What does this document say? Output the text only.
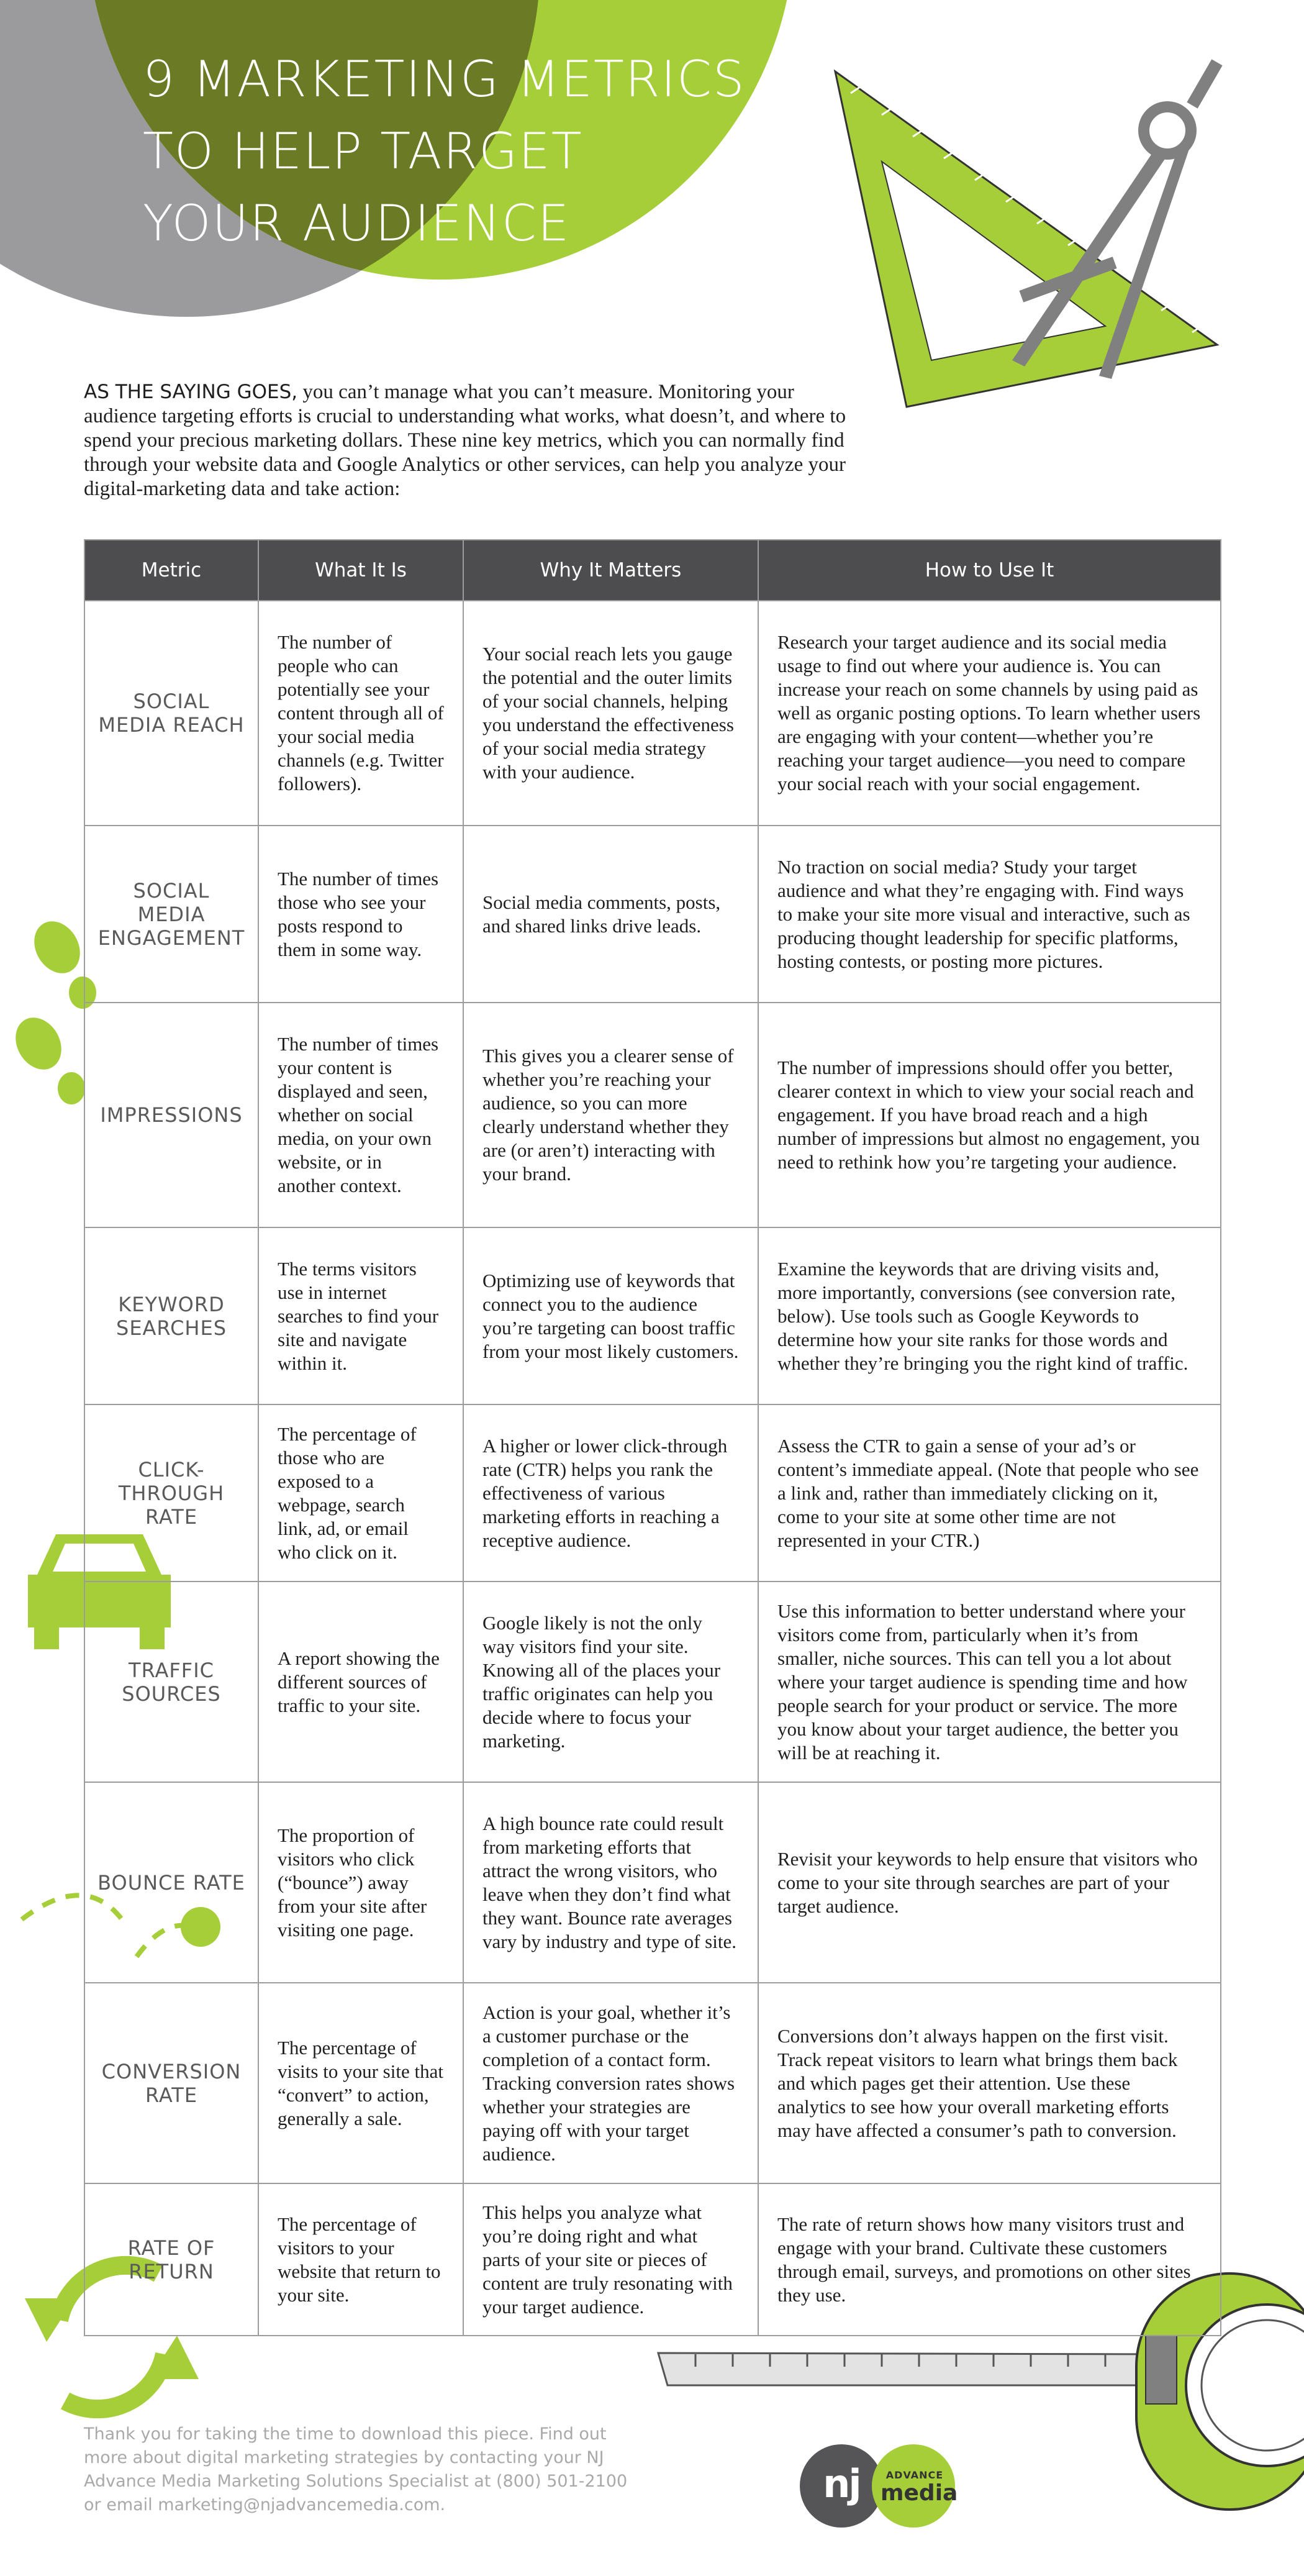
9 MARKETING METRICS
TO HELP TARGET
YOUR AUDIENCE
AS THE SAYING GOES, you can’t manage what you can’t measure. Monitoring your audience targeting efforts is crucial to understanding what works, what doesn’t, and where to spend your precious marketing dollars. These nine key metrics, which you can normally find through your website data and Google Analytics or other services, can help you analyze your digital-marketing data and take action:
Metric	What It Is	Why It Matters	How to Use It
SOCIAL MEDIA REACH	The number of people who can potentially see your content through all of your social media channels (e.g. Twitter followers).	Your social reach lets you gauge the potential and the outer limits of your social channels, helping you understand the effectiveness of your social media strategy with your audience.	Research your target audience and its social media usage to find out where your audience is. You can increase your reach on some channels by using paid as well as organic posting options. To learn whether users are engaging with your content—whether you’re reaching your target audience—you need to compare your social reach with your social engagement.
SOCIAL MEDIA ENGAGEMENT	The number of times those who see your posts respond to them in some way.	Social media comments, posts, and shared links drive leads.	No traction on social media? Study your target audience and what they’re engaging with. Find ways to make your site more visual and interactive, such as producing thought leadership for specific platforms, hosting contests, or posting more pictures.
IMPRESSIONS	The number of times your content is displayed and seen, whether on social media, on your own website, or in another context.	This gives you a clearer sense of whether you’re reaching your audience, so you can more clearly understand whether they are (or aren’t) interacting with your brand.	The number of impressions should offer you better, clearer context in which to view your social reach and engagement. If you have broad reach and a high number of impressions but almost no engagement, you need to rethink how you’re targeting your audience.
KEYWORD SEARCHES	The terms visitors use in internet searches to find your site and navigate within it.	Optimizing use of keywords that connect you to the audience you’re targeting can boost traffic from your most likely customers.	Examine the keywords that are driving visits and, more importantly, conversions (see conversion rate, below). Use tools such as Google Keywords to determine how your site ranks for those words and whether they’re bringing you the right kind of traffic.
CLICK-THROUGH RATE	The percentage of those who are exposed to a webpage, search link, ad, or email who click on it.	A higher or lower click-through rate (CTR) helps you rank the effectiveness of various marketing efforts in reaching a receptive audience.	Assess the CTR to gain a sense of your ad’s or content’s immediate appeal. (Note that people who see a link and, rather than immediately clicking on it, come to your site at some other time are not represented in your CTR.)
TRAFFIC SOURCES	A report showing the different sources of traffic to your site.	Google likely is not the only way visitors find your site. Knowing all of the places your traffic originates can help you decide where to focus your marketing.	Use this information to better understand where your visitors come from, particularly when it’s from smaller, niche sources. This can tell you a lot about where your target audience is spending time and how people search for your product or service. The more you know about your target audience, the better you will be at reaching it.
BOUNCE RATE	The proportion of visitors who click (“bounce”) away from your site after visiting one page.	A high bounce rate could result from marketing efforts that attract the wrong visitors, who leave when they don’t find what they want. Bounce rate averages vary by industry and type of site.	Revisit your keywords to help ensure that visitors who come to your site through searches are part of your target audience.
CONVERSION RATE	The percentage of visits to your site that “convert” to action, generally a sale.	Action is your goal, whether it’s a customer purchase or the completion of a contact form. Tracking conversion rates shows whether your strategies are paying off with your target audience.	Conversions don’t always happen on the first visit. Track repeat visitors to learn what brings them back and which pages get their attention. Use these analytics to see how your overall marketing efforts may have affected a consumer’s path to conversion.
RATE OF RETURN	The percentage of visitors to your website that return to your site.	This helps you analyze what you’re doing right and what parts of your site or pieces of content are truly resonating with your target audience.	The rate of return shows how many visitors trust and engage with your brand. Cultivate these customers through email, surveys, and promotions on other sites they use.
Thank you for taking the time to download this piece. Find out more about digital marketing strategies by contacting your NJ Advance Media Marketing Solutions Specialist at (800) 501-2100 or email marketing@njadvancemedia.com.	nj	ADVANCE
media
